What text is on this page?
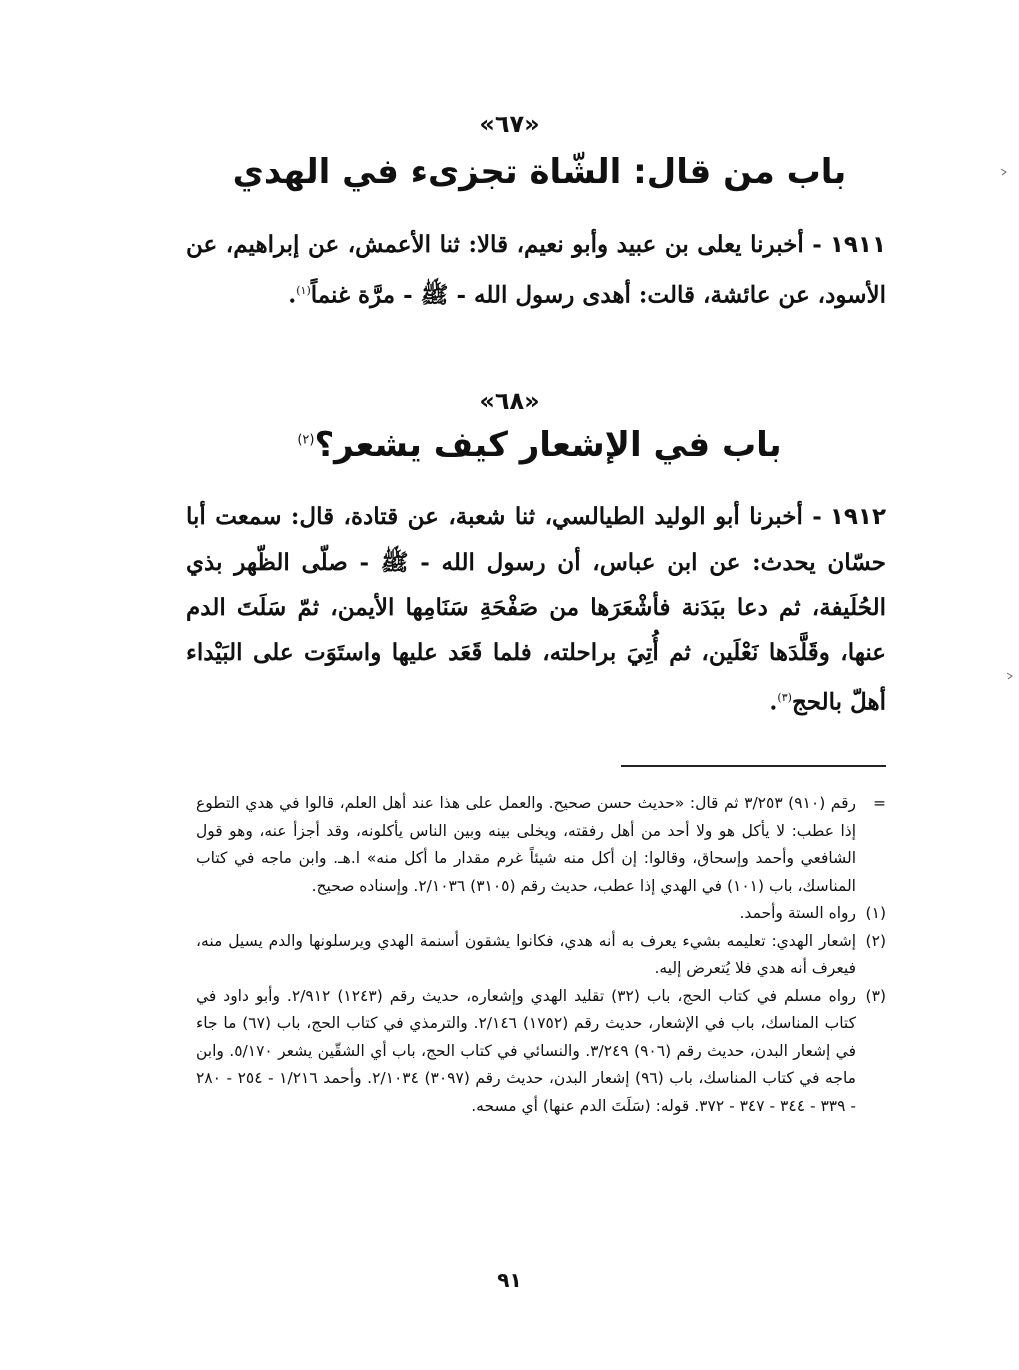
«٦٧»
باب من قال: الشّاة تجزىء في الهدي
١٩١١- أخبرنا يعلى بن عبيد وأبو نعيم، قالا: ثنا الأعمش، عن إبراهيم، عن الأسود، عن عائشة، قالت: أهدى رسول الله - ﷺ - مرَّة غنماً$^{(١)}$.
«٦٨»
باب في الإشعار كيف يشعر؟$^{(٢)}$
١٩١٢- أخبرنا أبو الوليد الطيالسي، ثنا شعبة، عن قتادة، قال: سمعت أبا حسّان يحدث: عن ابن عباس، أن رسول الله - ﷺ - صلّى الظّهر بذي الحُلَيفة، ثم دعا ببَدَنة فأشْعَرَها من صَفْحَةِ سَنَامِها الأيمن، ثمّ سَلَتَ الدم عنها، وقَلَّدَها نَعْلَين، ثم أُتِيَ براحلته، فلما قَعَد عليها واستَوَت على البَيْداء أهلّ بالحج$^{(٣)}$.
=
رقم (٩١٠) ٣/٢٥٣ ثم قال: «حديث حسن صحيح. والعمل على هذا عند أهل العلم، قالوا في هدي التطوع إذا عطب: لا يأكل هو ولا أحد من أهل رفقته، ويخلى بينه وبين الناس يأكلونه، وقد أجزأ عنه، وهو قول الشافعي وأحمد وإسحاق، وقالوا: إن أكل منه شيئاً غرم مقدار ما أكل منه» ا.هـ. وابن ماجه في كتاب المناسك، باب (١٠١) في الهدي إذا عطب، حديث رقم (٣١٠٥) ٢/١٠٣٦. وإسناده صحيح.
(١)
رواه الستة وأحمد.
(٢)
إشعار الهدي: تعليمه بشيء يعرف به أنه هدي، فكانوا يشقون أسنمة الهدي ويرسلونها والدم يسيل منه، فيعرف أنه هدي فلا يُتعرض إليه.
(٣)
رواه مسلم في كتاب الحج، باب (٣٢) تقليد الهدي وإشعاره، حديث رقم (١٢٤٣) ٢/٩١٢. وأبو داود في كتاب المناسك، باب في الإشعار، حديث رقم (١٧٥٢) ٢/١٤٦. والترمذي في كتاب الحج، باب (٦٧) ما جاء في إشعار البدن، حديث رقم (٩٠٦) ٣/٢٤٩. والنسائي في كتاب الحج، باب أي الشقّين يشعر ٥/١٧٠. وابن ماجه في كتاب المناسك، باب (٩٦) إشعار البدن، حديث رقم (٣٠٩٧) ٢/١٠٣٤. وأحمد ١/٢١٦ - ٢٥٤ - ٢٨٠ - ٣٣٩ - ٣٤٤ - ٣٤٧ - ٣٧٢. قوله: (سَلَتَ الدم عنها) أي مسحه.
٩١
